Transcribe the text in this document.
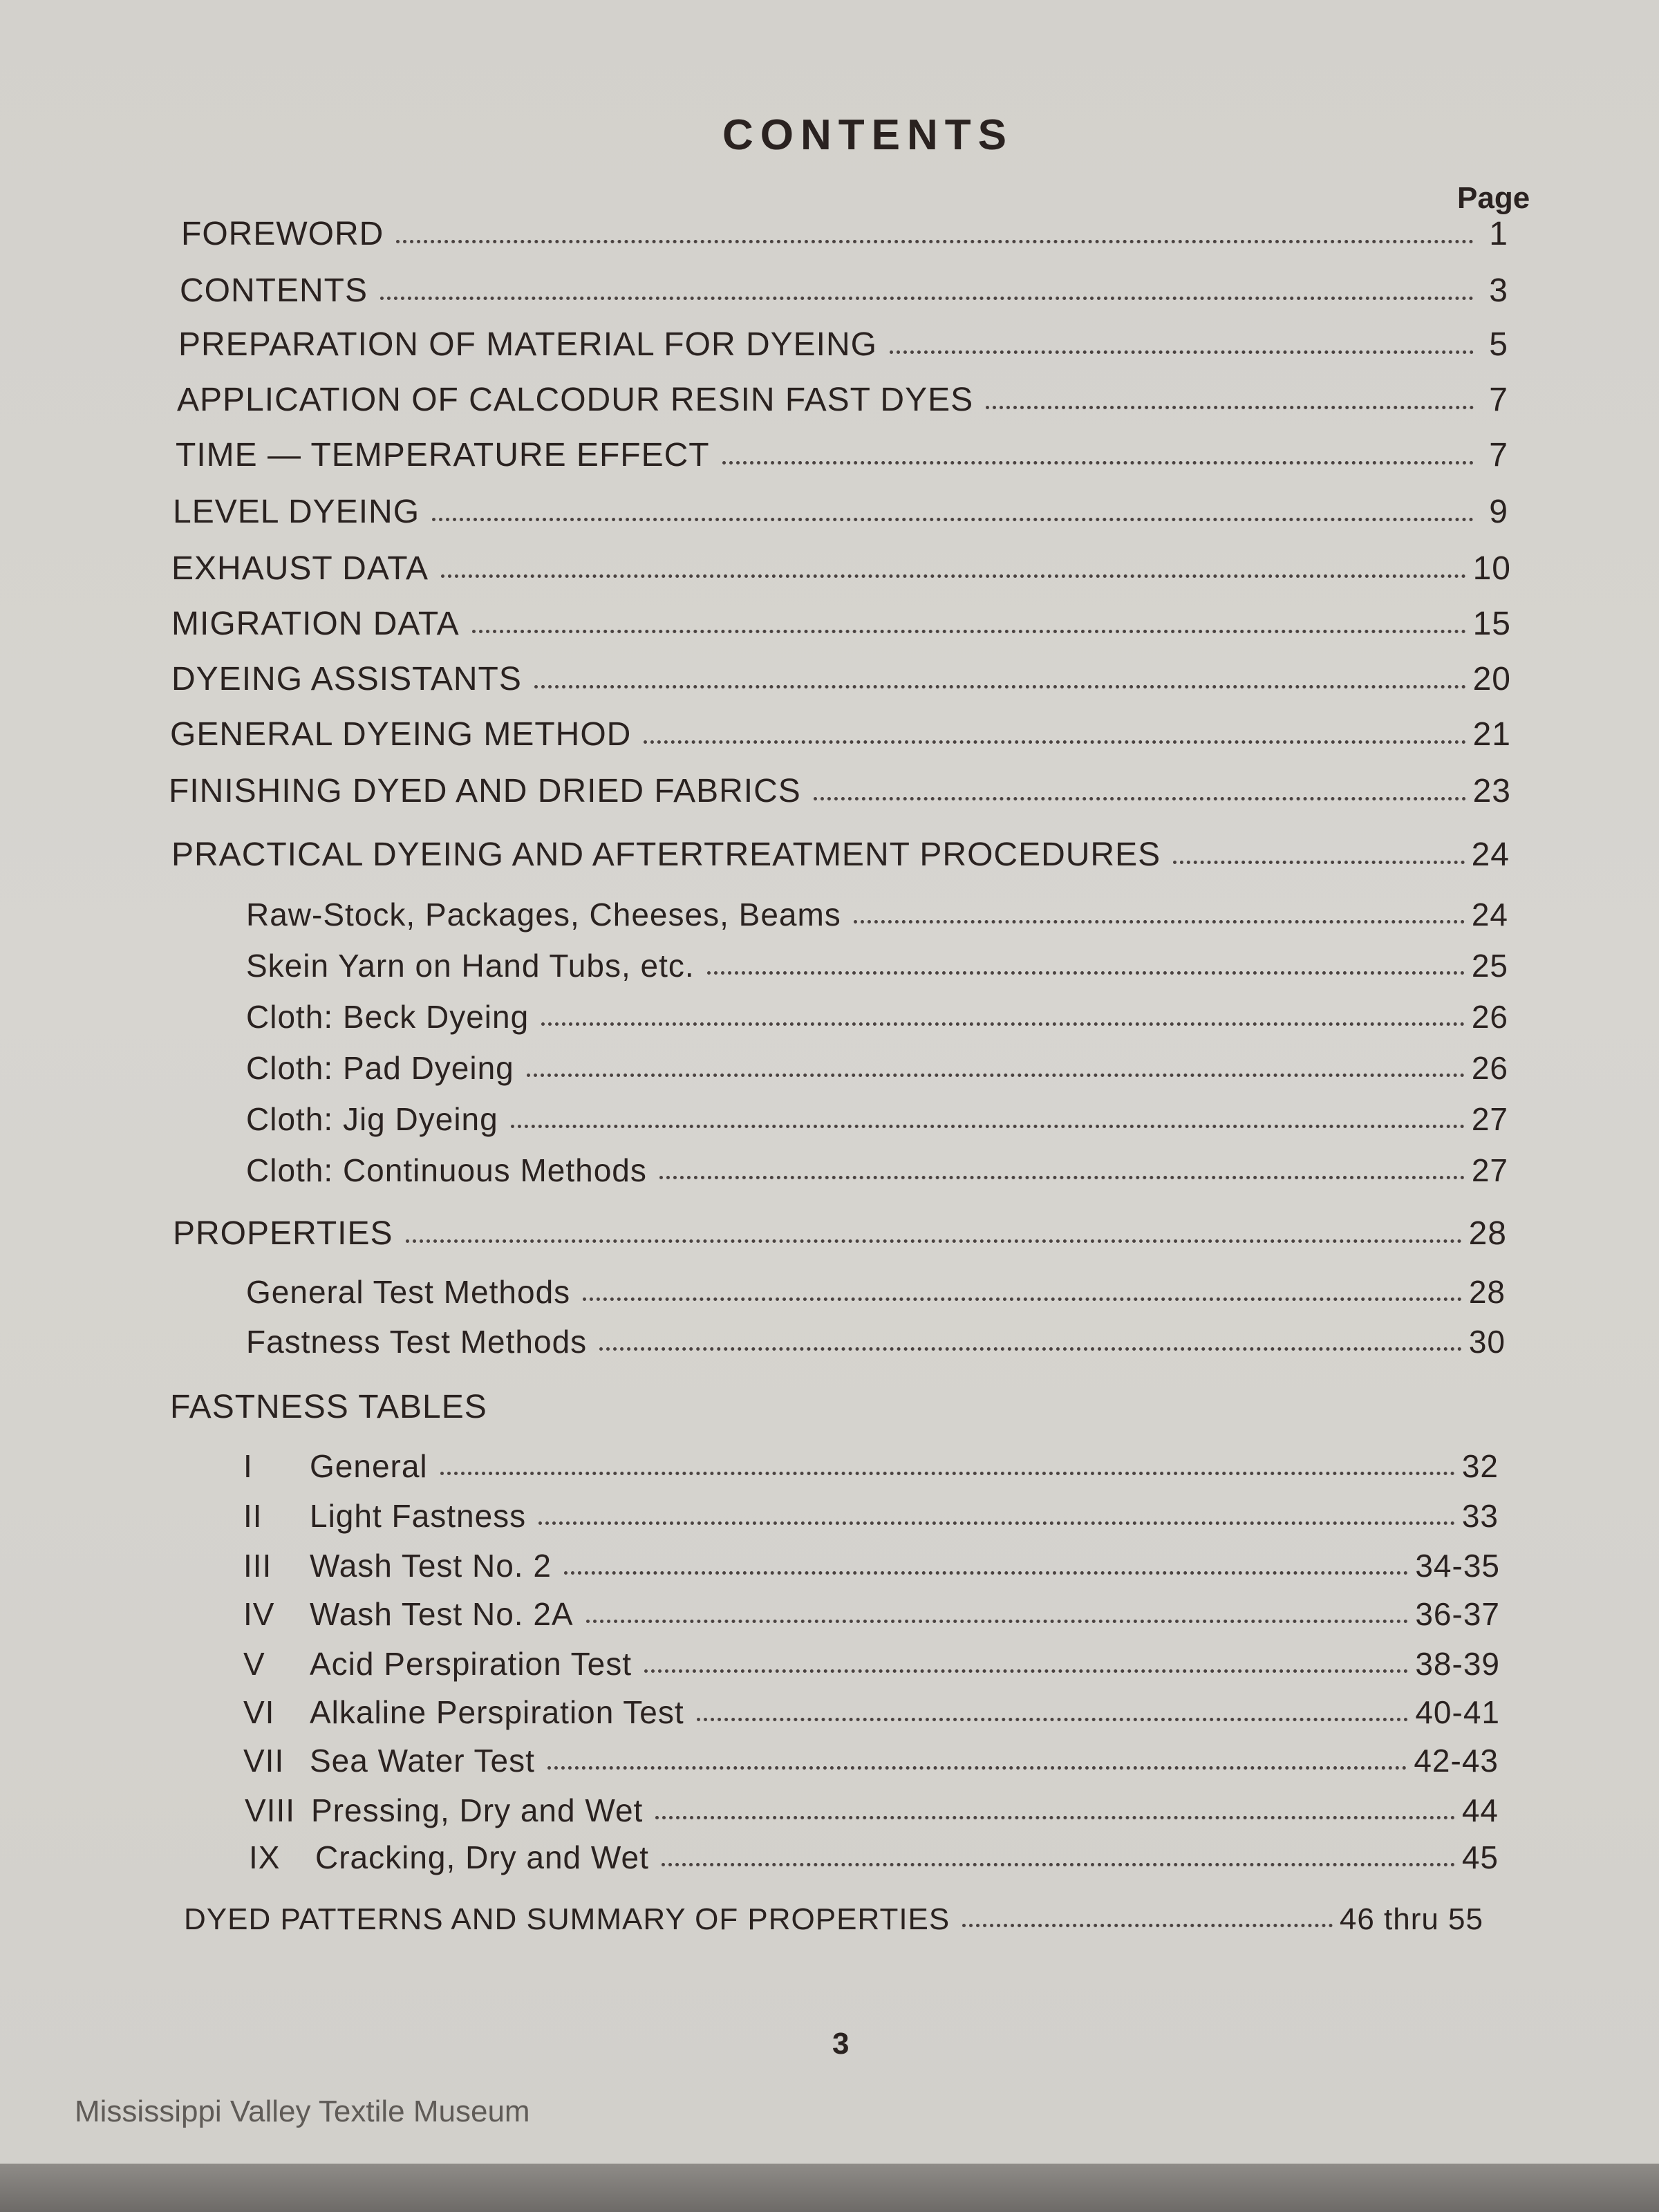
CONTENTS
Page
FOREWORD	1
CONTENTS	3
PREPARATION OF MATERIAL FOR DYEING	5
APPLICATION OF CALCODUR RESIN FAST DYES	7
TIME — TEMPERATURE EFFECT	7
LEVEL DYEING	9
EXHAUST DATA	10
MIGRATION DATA	15
DYEING ASSISTANTS	20
GENERAL DYEING METHOD	21
FINISHING DYED AND DRIED FABRICS	23
PRACTICAL DYEING AND AFTERTREATMENT PROCEDURES	24
Raw-Stock, Packages, Cheeses, Beams	24
Skein Yarn on Hand Tubs, etc.	25
Cloth: Beck Dyeing	26
Cloth: Pad Dyeing	26
Cloth: Jig Dyeing	27
Cloth: Continuous Methods	27
PROPERTIES	28
General Test Methods	28
Fastness Test Methods	30
FASTNESS TABLES
I	General	32
II	Light Fastness	33
III	Wash Test No. 2	34-35
IV	Wash Test No. 2A	36-37
V	Acid Perspiration Test	38-39
VI	Alkaline Perspiration Test	40-41
VII Sea Water Test	42-43
VIII Pressing, Dry and Wet	44
IX	Cracking, Dry and Wet	45
DYED PATTERNS AND SUMMARY OF PROPERTIES	46 thru 55
3
Mississippi Valley Textile Museum
